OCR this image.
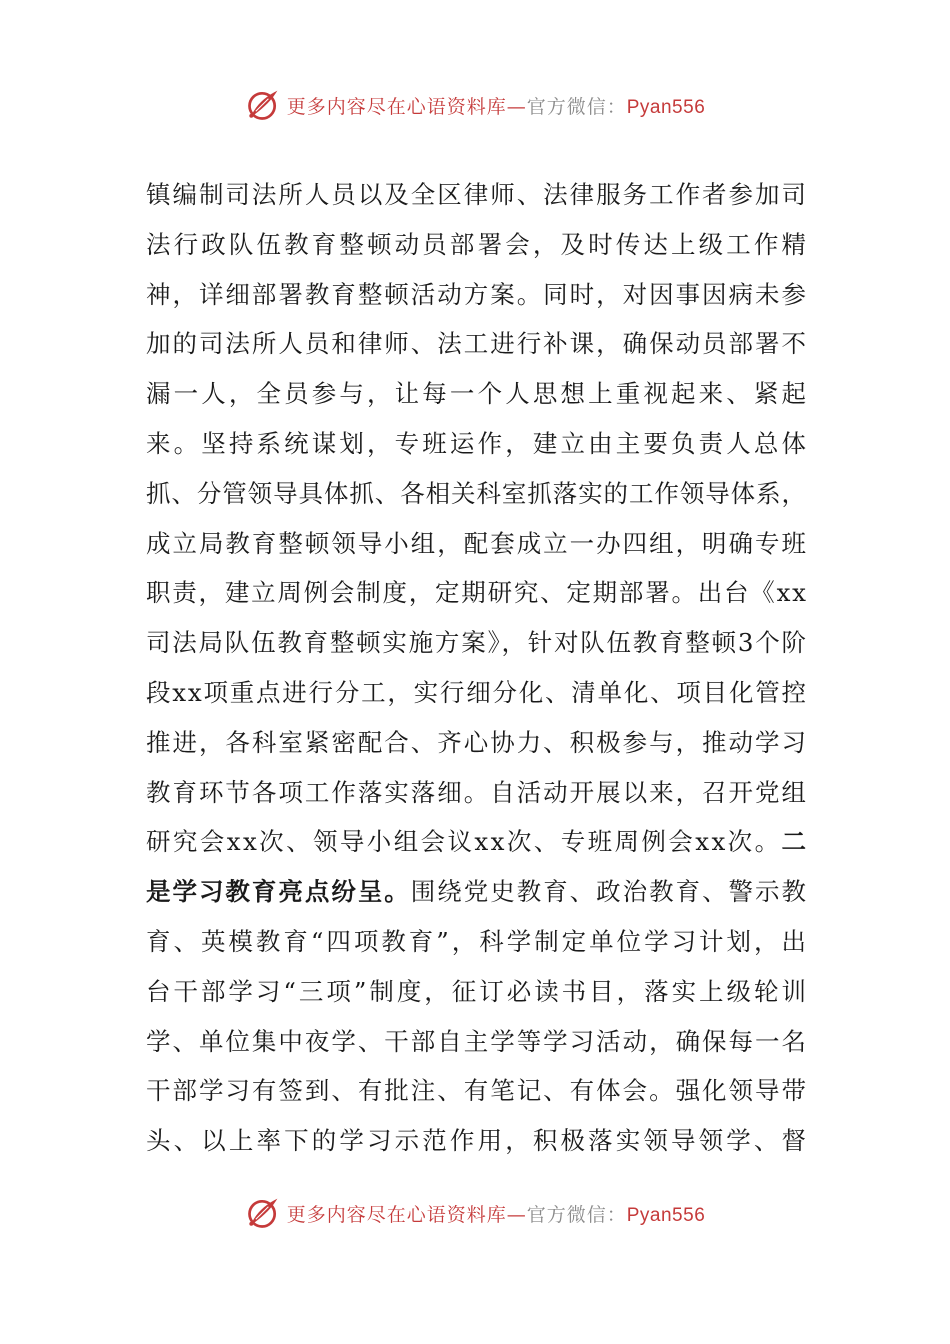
更多内容尽在心语资料库—官方微信：Pyan556
镇编制司法所人员以及全区律师、法律服务工作者参加司
法行政队伍教育整顿动员部署会，及时传达上级工作精
神，详细部署教育整顿活动方案。同时，对因事因病未参
加的司法所人员和律师、法工进行补课，确保动员部署不
漏一人，全员参与，让每一个人思想上重视起来、紧起
来。坚持系统谋划，专班运作，建立由主要负责人总体
抓、分管领导具体抓、各相关科室抓落实的工作领导体系，
成立局教育整顿领导小组，配套成立一办四组，明确专班
职责，建立周例会制度，定期研究、定期部署。出台《xx
司法局队伍教育整顿实施方案》，针对队伍教育整顿3个阶
段xx项重点进行分工，实行细分化、清单化、项目化管控
推进，各科室紧密配合、齐心协力、积极参与，推动学习
教育环节各项工作落实落细。自活动开展以来，召开党组
研究会xx次、领导小组会议xx次、专班周例会xx次。 二
是学习教育亮点纷呈。 围绕党史教育、政治教育、警示教
育、英模教育“四项教育”，科学制定单位学习计划，出
台干部学习“三项”制度，征订必读书目，落实上级轮训
学、单位集中夜学、干部自主学等学习活动，确保每一名
干部学习有签到、有批注、有笔记、有体会。强化领导带
头、以上率下的学习示范作用，积极落实领导领学、督
更多内容尽在心语资料库—官方微信：Pyan556
